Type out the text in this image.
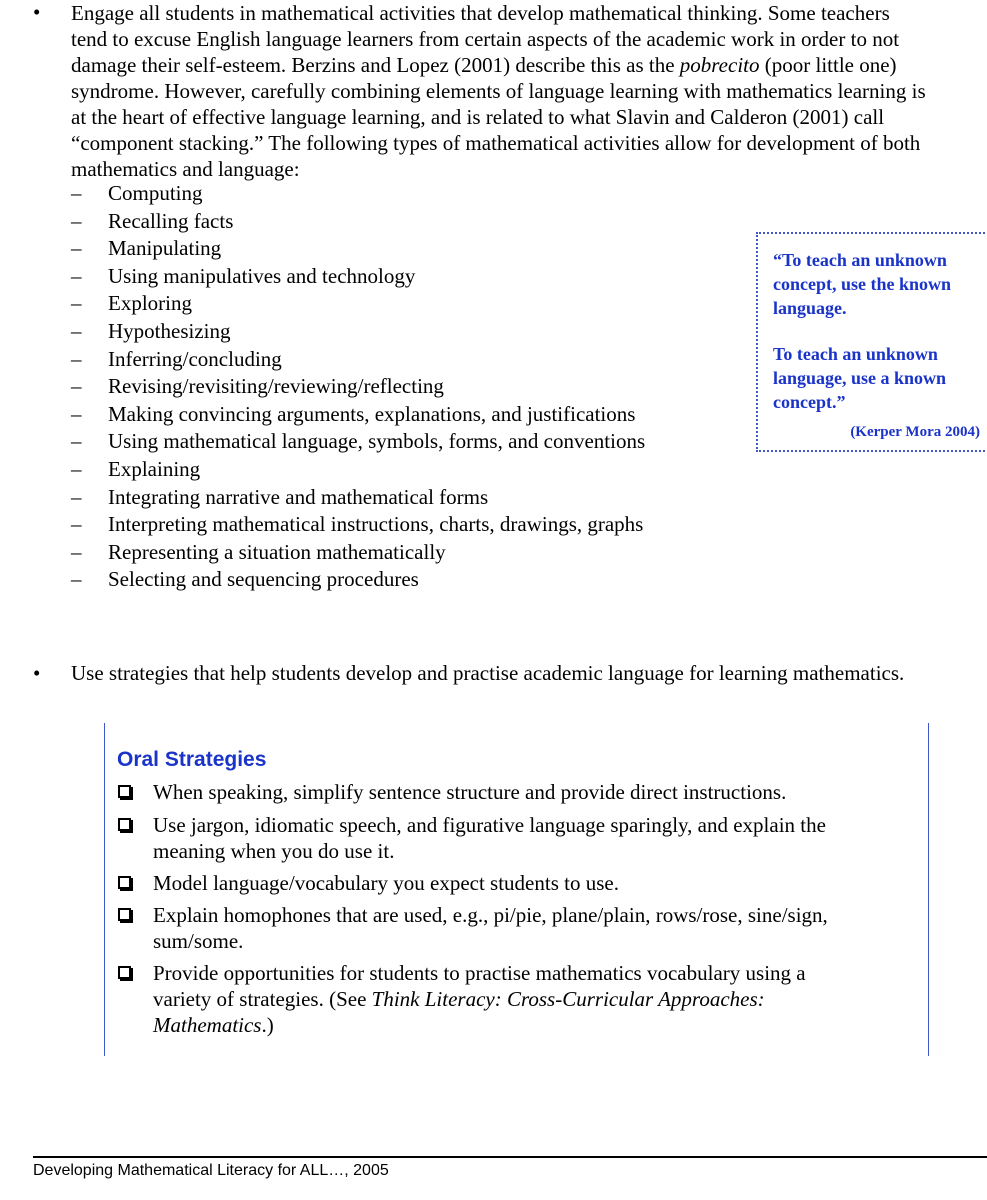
• Engage all students in mathematical activities that develop mathematical thinking. Some teachers
tend to excuse English language learners from certain aspects of the academic work in order to not
damage their self-esteem. Berzins and Lopez (2001) describe this as the pobrecito (poor little one)
syndrome. However, carefully combining elements of language learning with mathematics learning is
at the heart of effective language learning, and is related to what Slavin and Calderon (2001) call
“component stacking.” The following types of mathematical activities allow for development of both
mathematics and language:
– Computing
– Recalling facts
– Manipulating
– Using manipulatives and technology
– Exploring
– Hypothesizing
– Inferring/concluding
– Revising/revisiting/reviewing/reflecting
– Making convincing arguments, explanations, and justifications
– Using mathematical language, symbols, forms, and conventions
– Explaining
– Integrating narrative and mathematical forms
– Interpreting mathematical instructions, charts, drawings, graphs
– Representing a situation mathematically
– Selecting and sequencing procedures
“To teach an unknown concept, use the known language.
To teach an unknown language, use a known concept.”
(Kerper Mora 2004)
• Use strategies that help students develop and practise academic language for learning mathematics.
Oral Strategies
When speaking, simplify sentence structure and provide direct instructions.
Use jargon, idiomatic speech, and figurative language sparingly, and explain the
meaning when you do use it.
Model language/vocabulary you expect students to use.
Explain homophones that are used, e.g., pi/pie, plane/plain, rows/rose, sine/sign,
sum/some.
Provide opportunities for students to practise mathematics vocabulary using a
variety of strategies. (See Think Literacy: Cross-Curricular Approaches:
Mathematics.)
Developing Mathematical Literacy for ALL…, 2005
